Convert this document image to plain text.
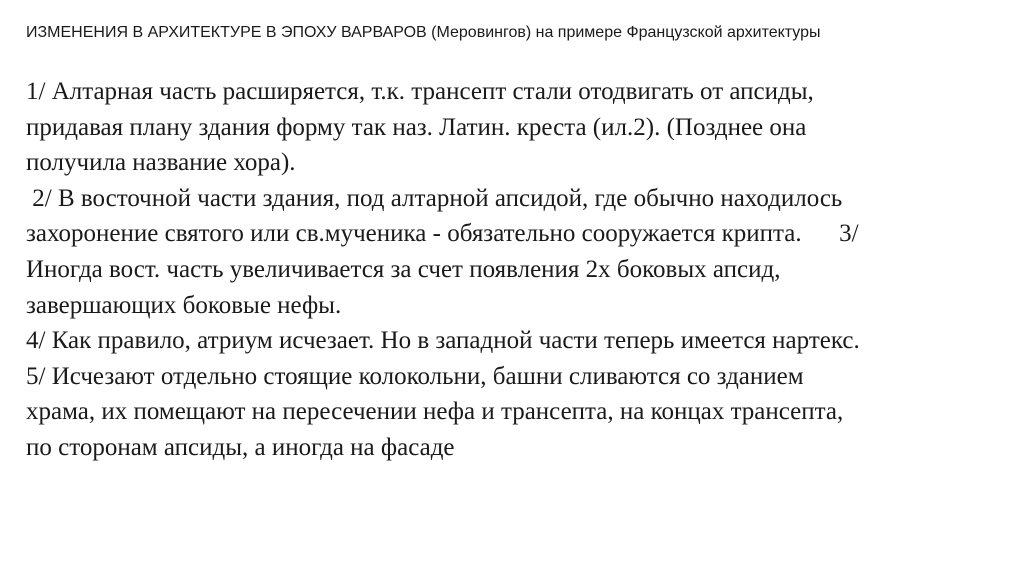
ИЗМЕНЕНИЯ В АРХИТЕКТУРЕ В ЭПОХУ ВАРВАРОВ (Меровингов) на примере Французской архитектуры
1/ Алтарная часть расширяется, т.к. трансепт стали отодвигать от апсиды,
придавая плану здания форму так наз. Латин. креста (ил.2). (Позднее она
получила название хора).
2/ В восточной части здания, под алтарной апсидой, где обычно находилось
захоронение святого или св.мученика - обязательно сооружается крипта.      3/
Иногда вост. часть увеличивается за счет появления 2х боковых апсид,
завершающих боковые нефы.
4/ Как правило, атриум исчезает. Но в западной части теперь имеется нартекс.
5/ Исчезают отдельно стоящие колокольни, башни сливаются со зданием
храма, их помещают на пересечении нефа и трансепта, на концах трансепта,
по сторонам апсиды, а иногда на фасаде
